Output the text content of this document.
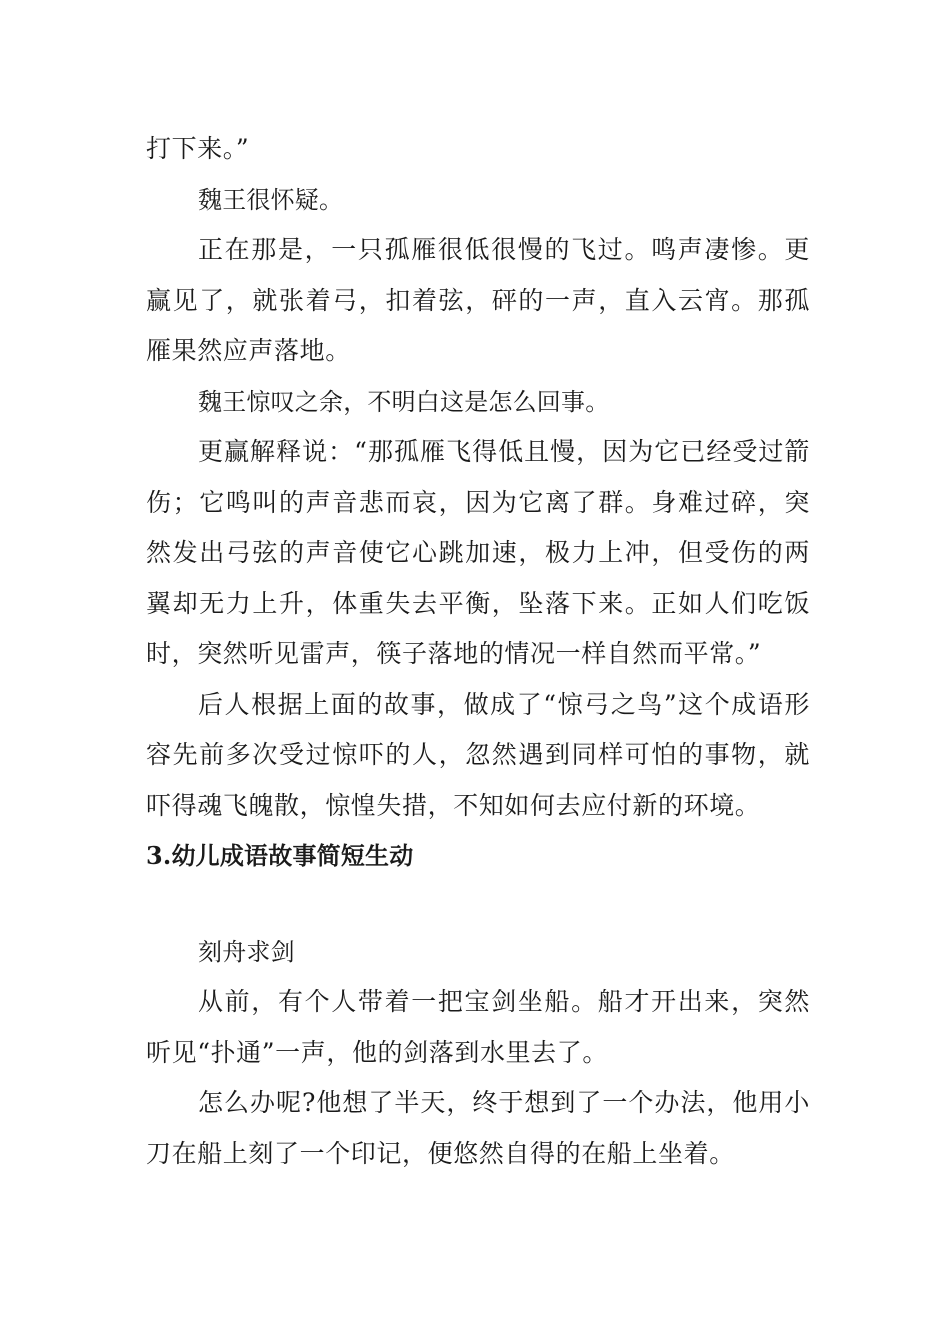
打下来。”

魏王很怀疑。

正在那是，一只孤雁很低很慢的飞过。鸣声凄惨。更赢见了，就张着弓，扣着弦，砰的一声，直入云宵。那孤雁果然应声落地。

魏王惊叹之余，不明白这是怎么回事。

更赢解释说：“那孤雁飞得低且慢，因为它已经受过箭伤；它鸣叫的声音悲而哀，因为它离了群。身难过碎，突然发出弓弦的声音使它心跳加速，极力上冲，但受伤的两翼却无力上升，体重失去平衡，坠落下来。正如人们吃饭时，突然听见雷声，筷子落地的情况一样自然而平常。”

后人根据上面的故事，做成了“惊弓之鸟”这个成语形容先前多次受过惊吓的人，忽然遇到同样可怕的事物，就吓得魂飞魄散，惊惶失措，不知如何去应付新的环境。

3.幼儿成语故事简短生动

刻舟求剑

从前，有个人带着一把宝剑坐船。船才开出来，突然听见“扑通”一声，他的剑落到水里去了。

怎么办呢?他想了半天，终于想到了一个办法，他用小刀在船上刻了一个印记，便悠然自得的在船上坐着。
